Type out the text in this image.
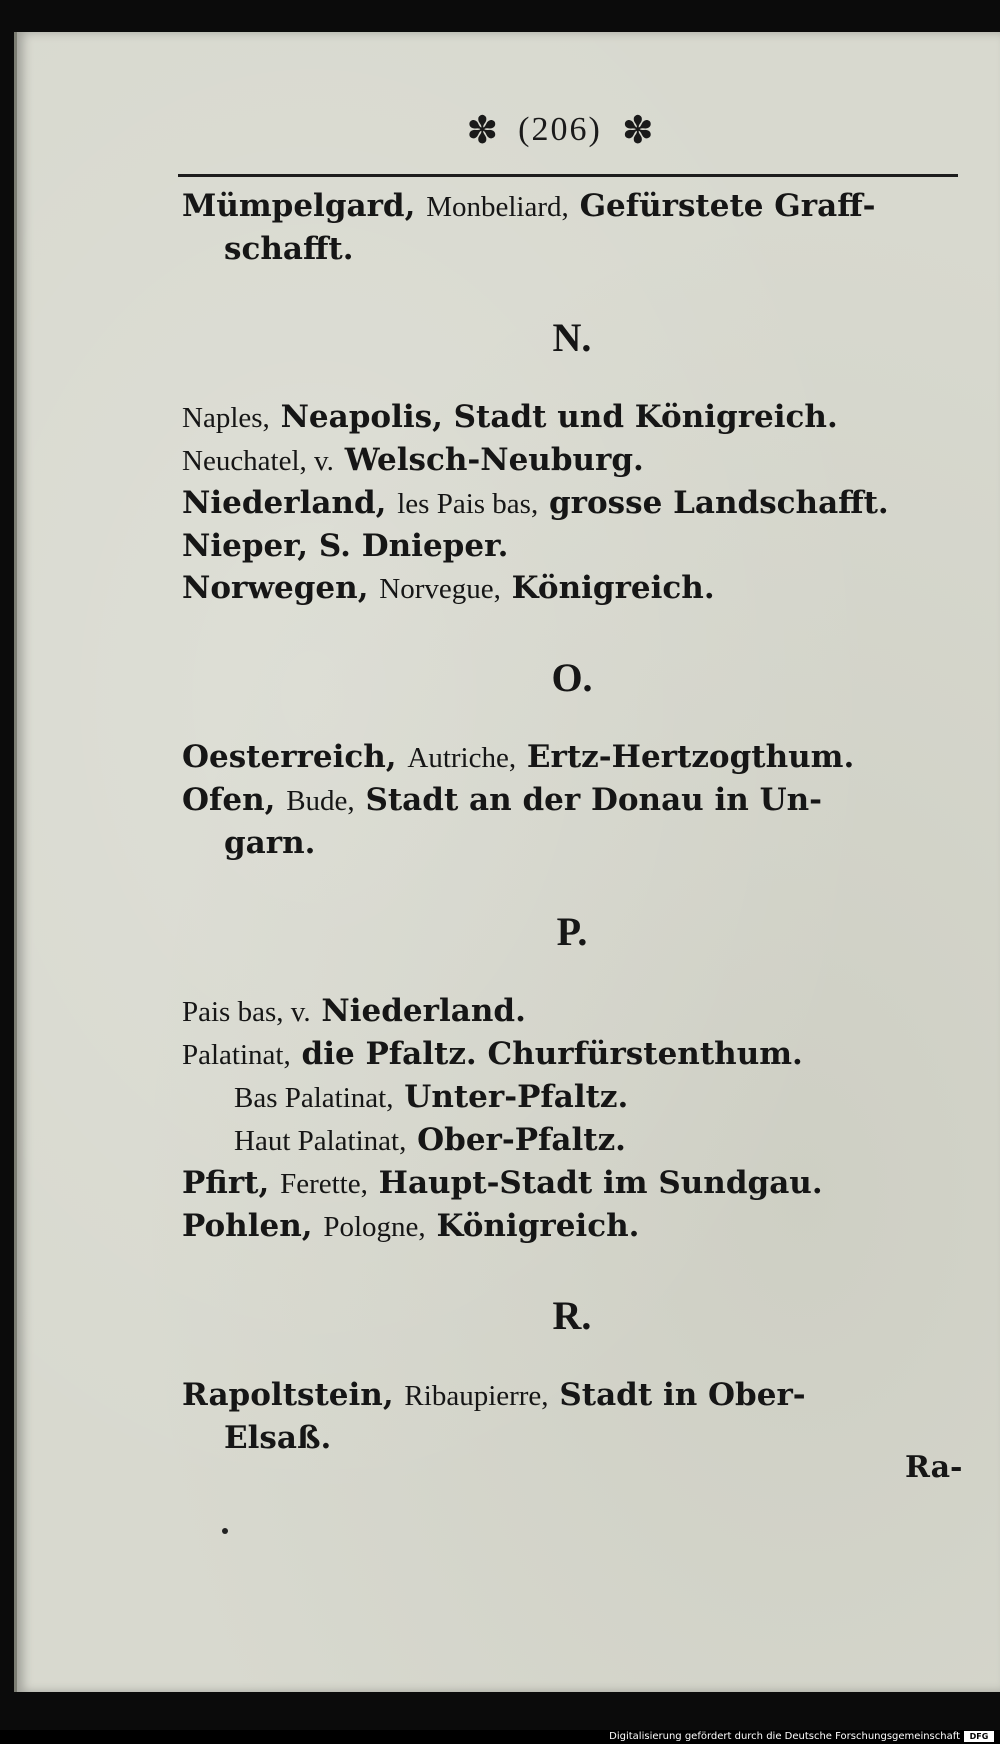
✽ (206) ✽

Mümpelgard, Monbeliard, Gefürstete Graff-

schafft.

N.

Naples, Neapolis, Stadt und Königreich.

Neuchatel, v. Welsch-Neuburg.

Niederland, les Pais bas, grosse Landschafft.

Nieper, S. Dnieper.

Norwegen, Norvegue, Königreich.

O.

Oesterreich, Autriche, Ertz-Hertzogthum.

Ofen, Bude, Stadt an der Donau in Un-

garn.

P.

Pais bas, v. Niederland.

Palatinat, die Pfaltz. Churfürstenthum.

Bas Palatinat, Unter-Pfaltz.

Haut Palatinat, Ober-Pfaltz.

Pfirt, Ferette, Haupt-Stadt im Sundgau.

Pohlen, Pologne, Königreich.

R.

Rapoltstein, Ribaupierre, Stadt in Ober-

Elsaß.

Ra-
Digitalisierung gefördert durch die Deutsche Forschungsgemeinschaft	DFG
